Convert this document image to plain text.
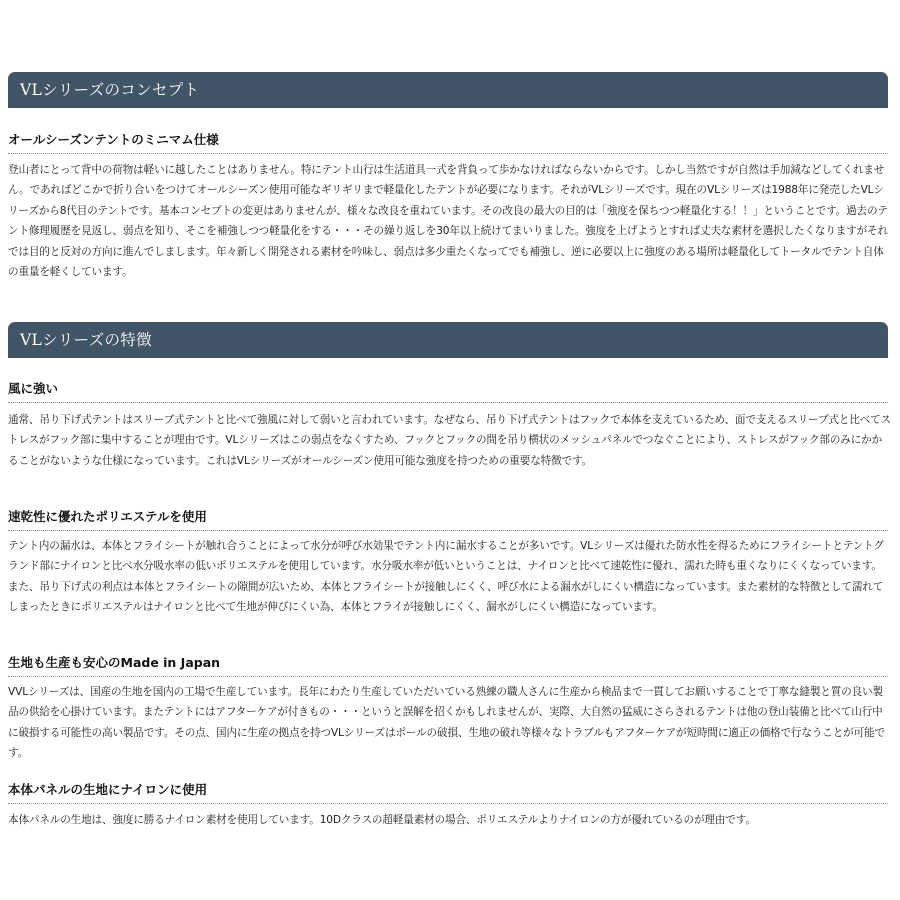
VLシリーズのコンセプト
オールシーズンテントのミニマム仕様
登山者にとって背中の荷物は軽いに越したことはありません。特にテント山行は生活道具一式を背負って歩かなければならないからです。しかし当然ですが自然は手加減などしてくれません。であればどこかで折り合いをつけてオールシーズン使用可能なギリギリまで軽量化したテントが必要になります。それがVLシリーズです。現在のVLシリーズは1988年に発売したVLシリーズから8代目のテントです。基本コンセプトの変更はありませんが、様々な改良を重ねています。その改良の最大の目的は「強度を保ちつつ軽量化する！！」ということです。過去のテント修理履歴を見返し、弱点を知り、そこを補強しつつ軽量化をする・・・その繰り返しを30年以上続けてまいりました。強度を上げようとすれば丈夫な素材を選択したくなりますがそれでは目的と反対の方向に進んでしまします。年々新しく開発される素材を吟味し、弱点は多少重たくなってでも補強し、逆に必要以上に強度のある場所は軽量化してトータルでテント自体の重量を軽くしています。
VLシリーズの特徴
風に強い
通常、吊り下げ式テントはスリーブ式テントと比べて強風に対して弱いと言われています。なぜなら、吊り下げ式テントはフックで本体を支えているため、面で支えるスリーブ式と比べてストレスがフック部に集中することが理由です。VLシリーズはこの弱点をなくすため、フックとフックの間を吊り横状のメッシュパネルでつなぐことにより、ストレスがフック部のみにかかることがないような仕様になっています。これはVLシリーズがオールシーズン使用可能な強度を持つための重要な特徴です。
速乾性に優れたポリエステルを使用
テント内の漏水は、本体とフライシートが触れ合うことによって水分が呼び水効果でテント内に漏水することが多いです。VLシリーズは優れた防水性を得るためにフライシートとテントグランド部にナイロンと比べ水分吸水率の低いポリエステルを使用しています。水分吸水率が低いということは、ナイロンと比べて速乾性に優れ、濡れた時も重くなりにくくなっています。また、吊り下げ式の利点は本体とフライシートの隙間が広いため、本体とフライシートが接触しにくく、呼び水による漏水がしにくい構造になっています。また素材的な特徴として濡れてしまったときにポリエステルはナイロンと比べて生地が伸びにくい為、本体とフライが接触しにくく、漏水がしにくい構造になっています。
生地も生産も安心のMade in Japan
VVLシリーズは、国産の生地を国内の工場で生産しています。長年にわたり生産していただいている熟練の職人さんに生産から検品まで一貫してお願いすることで丁寧な縫製と質の良い製品の供給を心掛けています。またテントにはアフターケアが付きもの・・・というと誤解を招くかもしれませんが、実際、大自然の猛威にさらされるテントは他の登山装備と比べて山行中に破損する可能性の高い製品です。その点、国内に生産の拠点を持つVLシリーズはポールの破損、生地の破れ等様々なトラブルもアフターケアが短時間に適正の価格で行なうことが可能です。
本体パネルの生地にナイロンに使用
本体パネルの生地は、強度に勝るナイロン素材を使用しています。10Dクラスの超軽量素材の場合、ポリエステルよりナイロンの方が優れているのが理由です。
